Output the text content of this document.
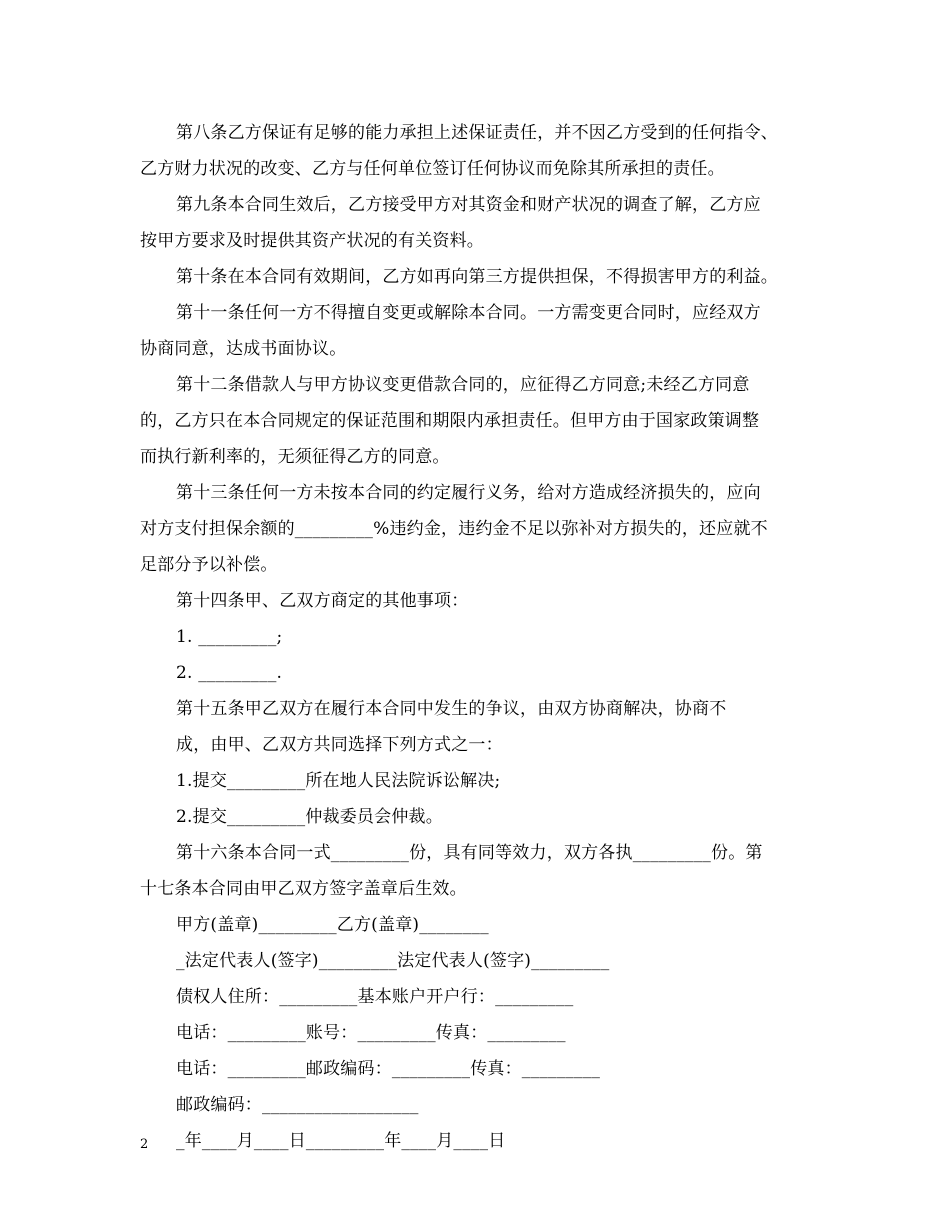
第八条乙方保证有足够的能力承担上述保证责任，并不因乙方受到的任何指令、
乙方财力状况的改变、乙方与任何单位签订任何协议而免除其所承担的责任。
第九条本合同生效后，乙方接受甲方对其资金和财产状况的调查了解，乙方应
按甲方要求及时提供其资产状况的有关资料。
第十条在本合同有效期间，乙方如再向第三方提供担保，不得损害甲方的利益。
第十一条任何一方不得擅自变更或解除本合同。一方需变更合同时，应经双方
协商同意，达成书面协议。
第十二条借款人与甲方协议变更借款合同的，应征得乙方同意;未经乙方同意
的，乙方只在本合同规定的保证范围和期限内承担责任。但甲方由于国家政策调整
而执行新利率的，无须征得乙方的同意。
第十三条任何一方未按本合同的约定履行义务，给对方造成经济损失的，应向
对方支付担保余额的_________%违约金，违约金不足以弥补对方损失的，还应就不
足部分予以补偿。
第十四条甲、乙双方商定的其他事项：
1. _________;
2. _________.
第十五条甲乙双方在履行本合同中发生的争议，由双方协商解决，协商不
成，由甲、乙双方共同选择下列方式之一：
1.提交_________所在地人民法院诉讼解决;
2.提交_________仲裁委员会仲裁。
第十六条本合同一式_________份，具有同等效力，双方各执_________份。第
十七条本合同由甲乙双方签字盖章后生效。
甲方(盖章)_________乙方(盖章)________
_法定代表人(签字)_________法定代表人(签字)_________
债权人住所：_________基本账户开户行：_________
电话：_________账号：_________传真：_________
电话：_________邮政编码：_________传真：_________
邮政编码：__________________
_年____月____日_________年____月____日
2
